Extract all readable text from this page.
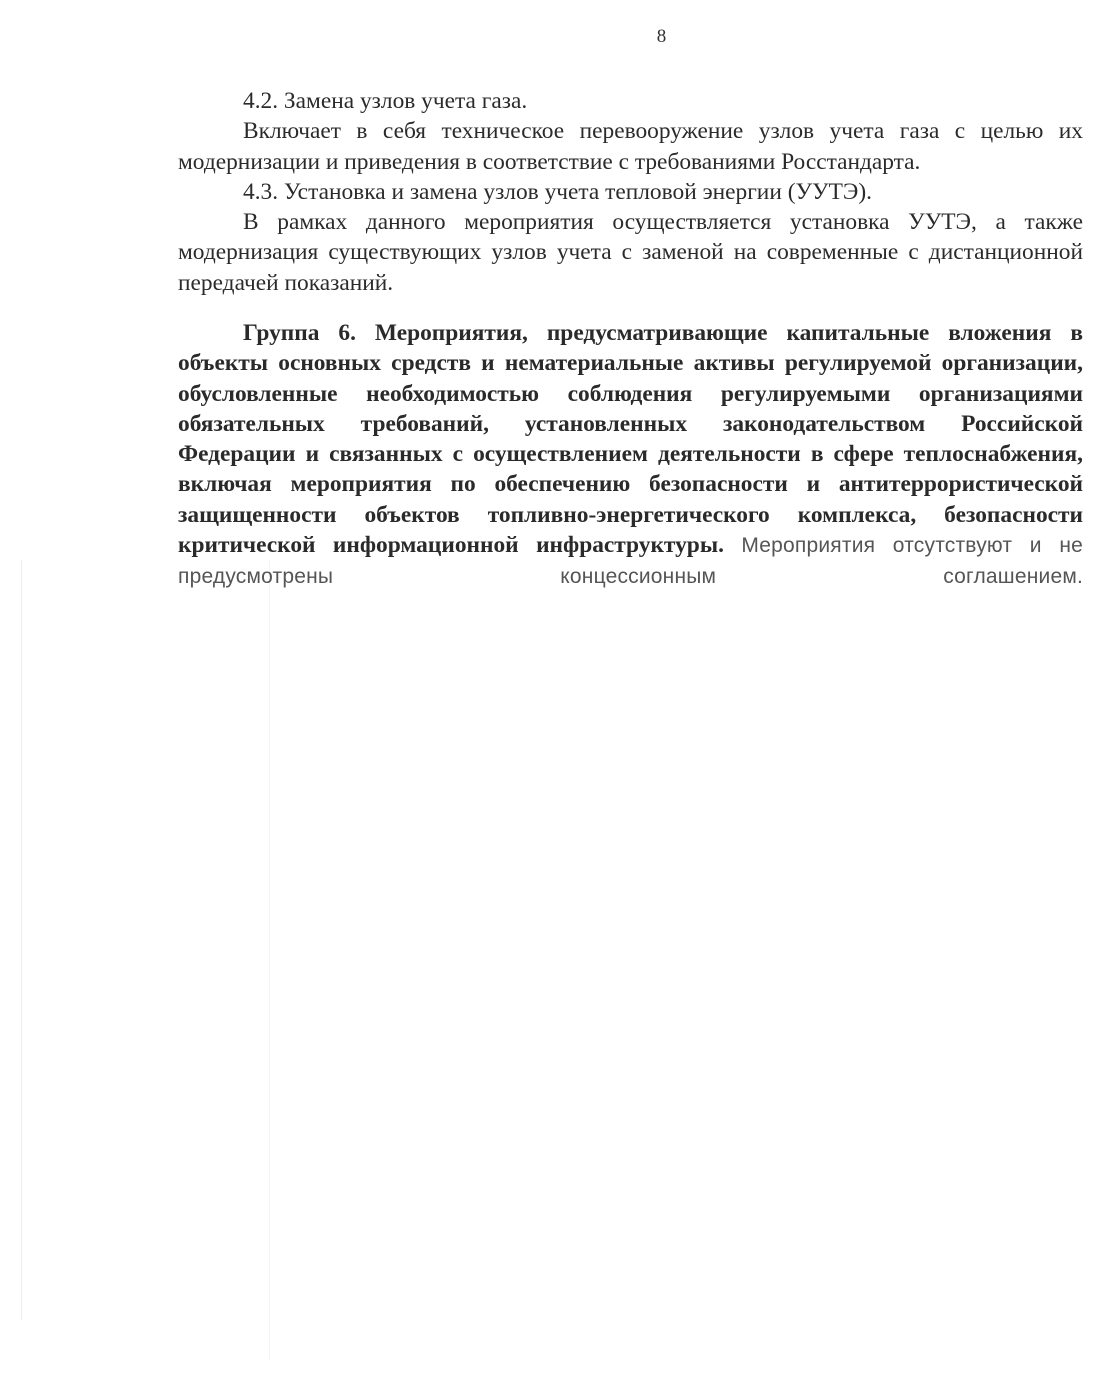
8

4.2. Замена узлов учета газа.

Включает в себя техническое перевооружение узлов учета газа с целью их модернизации и приведения в соответствие с требованиями Росстандарта.

4.3. Установка и замена узлов учета тепловой энергии (УУТЭ).

В рамках данного мероприятия осуществляется установка УУТЭ, а также модернизация существующих узлов учета с заменой на современные с дистанционной передачей показаний.

Группа 6. Мероприятия, предусматривающие капитальные вложения в объекты основных средств и нематериальные активы регулируемой организации, обусловленные необходимостью соблюдения регулируемыми организациями обязательных требований, установленных законодательством Российской Федерации и связанных с осуществлением деятельности в сфере теплоснабжения, включая мероприятия по обеспечению безопасности и антитеррористической защищенности объектов топливно-энергетического комплекса, безопасности критической информационной инфраструктуры. Мероприятия отсутствуют и не предусмотрены концессионным соглашением.
